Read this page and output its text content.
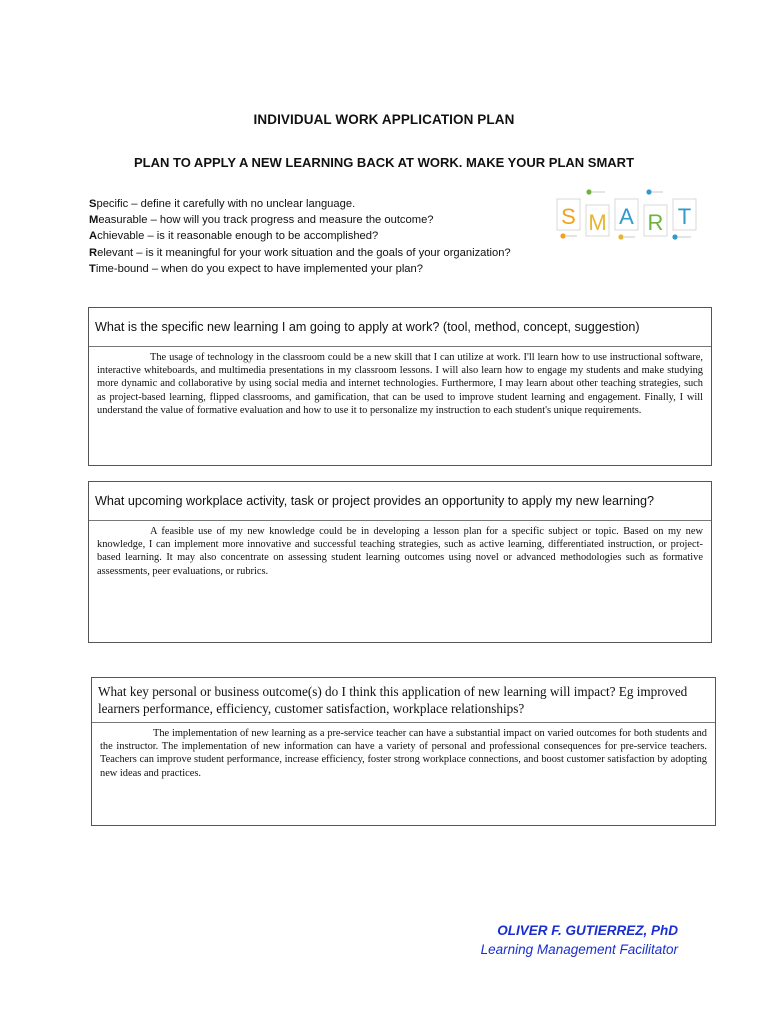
INDIVIDUAL WORK APPLICATION PLAN
PLAN TO APPLY A NEW LEARNING BACK AT WORK. MAKE YOUR PLAN SMART
Specific – define it carefully with no unclear language.
Measurable – how will you track progress and measure the outcome?
Achievable – is it reasonable enough to be accomplished?
Relevant – is it meaningful for your work situation and the goals of your organization?
Time-bound – when do you expect to have implemented your plan?
S M A R T
What is the specific new learning I am going to apply at work? (tool, method, concept, suggestion)
The usage of technology in the classroom could be a new skill that I can utilize at work. I'll learn how to use instructional software, interactive whiteboards, and multimedia presentations in my classroom lessons. I will also learn how to engage my students and make studying more dynamic and collaborative by using social media and internet technologies. Furthermore, I may learn about other teaching strategies, such as project-based learning, flipped classrooms, and gamification, that can be used to improve student learning and engagement. Finally, I will understand the value of formative evaluation and how to use it to personalize my instruction to each student's unique requirements.
What upcoming workplace activity, task or project provides an opportunity to apply my new learning?
A feasible use of my new knowledge could be in developing a lesson plan for a specific subject or topic. Based on my new knowledge, I can implement more innovative and successful teaching strategies, such as active learning, differentiated instruction, or project-based learning. It may also concentrate on assessing student learning outcomes using novel or advanced methodologies such as formative assessments, peer evaluations, or rubrics.
What key personal or business outcome(s) do I think this application of new learning will impact? Eg improved learners performance, efficiency, customer satisfaction, workplace relationships?
The implementation of new learning as a pre-service teacher can have a substantial impact on varied outcomes for both students and the instructor. The implementation of new information can have a variety of personal and professional consequences for pre-service teachers. Teachers can improve student performance, increase efficiency, foster strong workplace connections, and boost customer satisfaction by adopting new ideas and practices.
OLIVER F. GUTIERREZ, PhD
Learning Management Facilitator
